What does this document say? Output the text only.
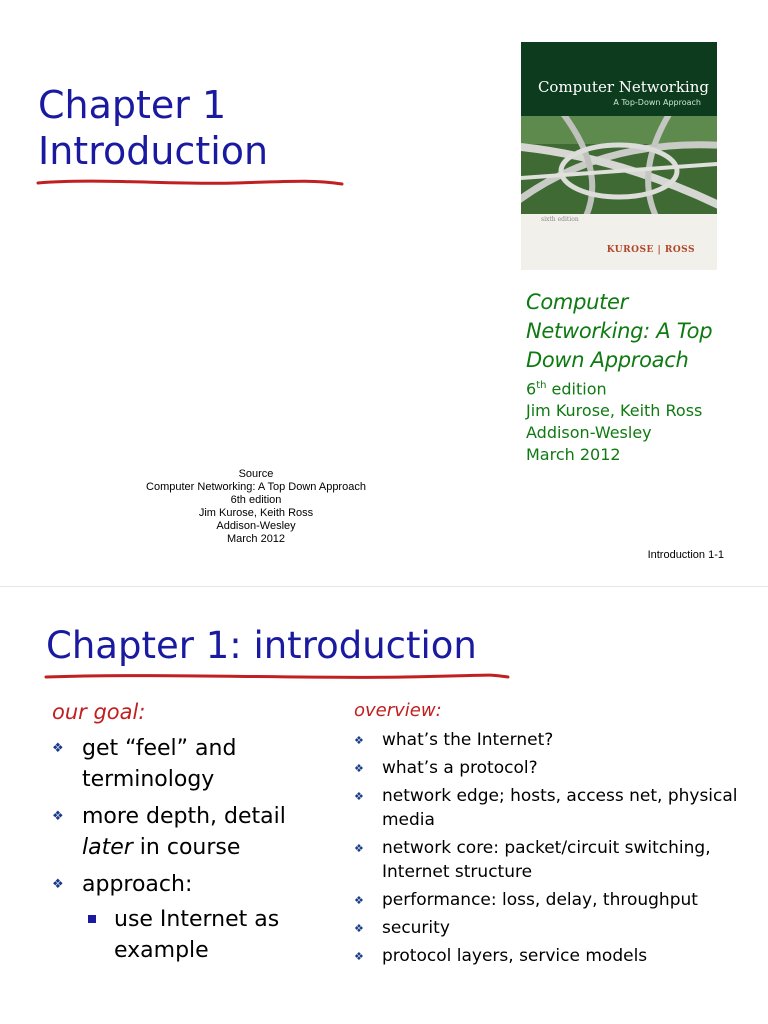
Chapter 1
Introduction
Computer Networking
A Top-Down Approach
sixth edition
KUROSE | ROSS

Computer
Networking: A Top
Down Approach

6th edition
Jim Kurose, Keith Ross
Addison-Wesley
March 2012
Source
Computer Networking: A Top Down Approach
6th edition
Jim Kurose, Keith Ross
Addison-Wesley
March 2012
Introduction 1-1
Chapter 1: introduction

our goal:

❖ get “feel” and terminology
❖ more depth, detail
later in course
❖ approach:
use Internet as example

overview:

❖ what’s the Internet?
❖ what’s a protocol?
❖ network edge; hosts, access net, physical media
❖ network core: packet/circuit switching, Internet structure
❖ performance: loss, delay, throughput
❖ security
❖ protocol layers, service models
